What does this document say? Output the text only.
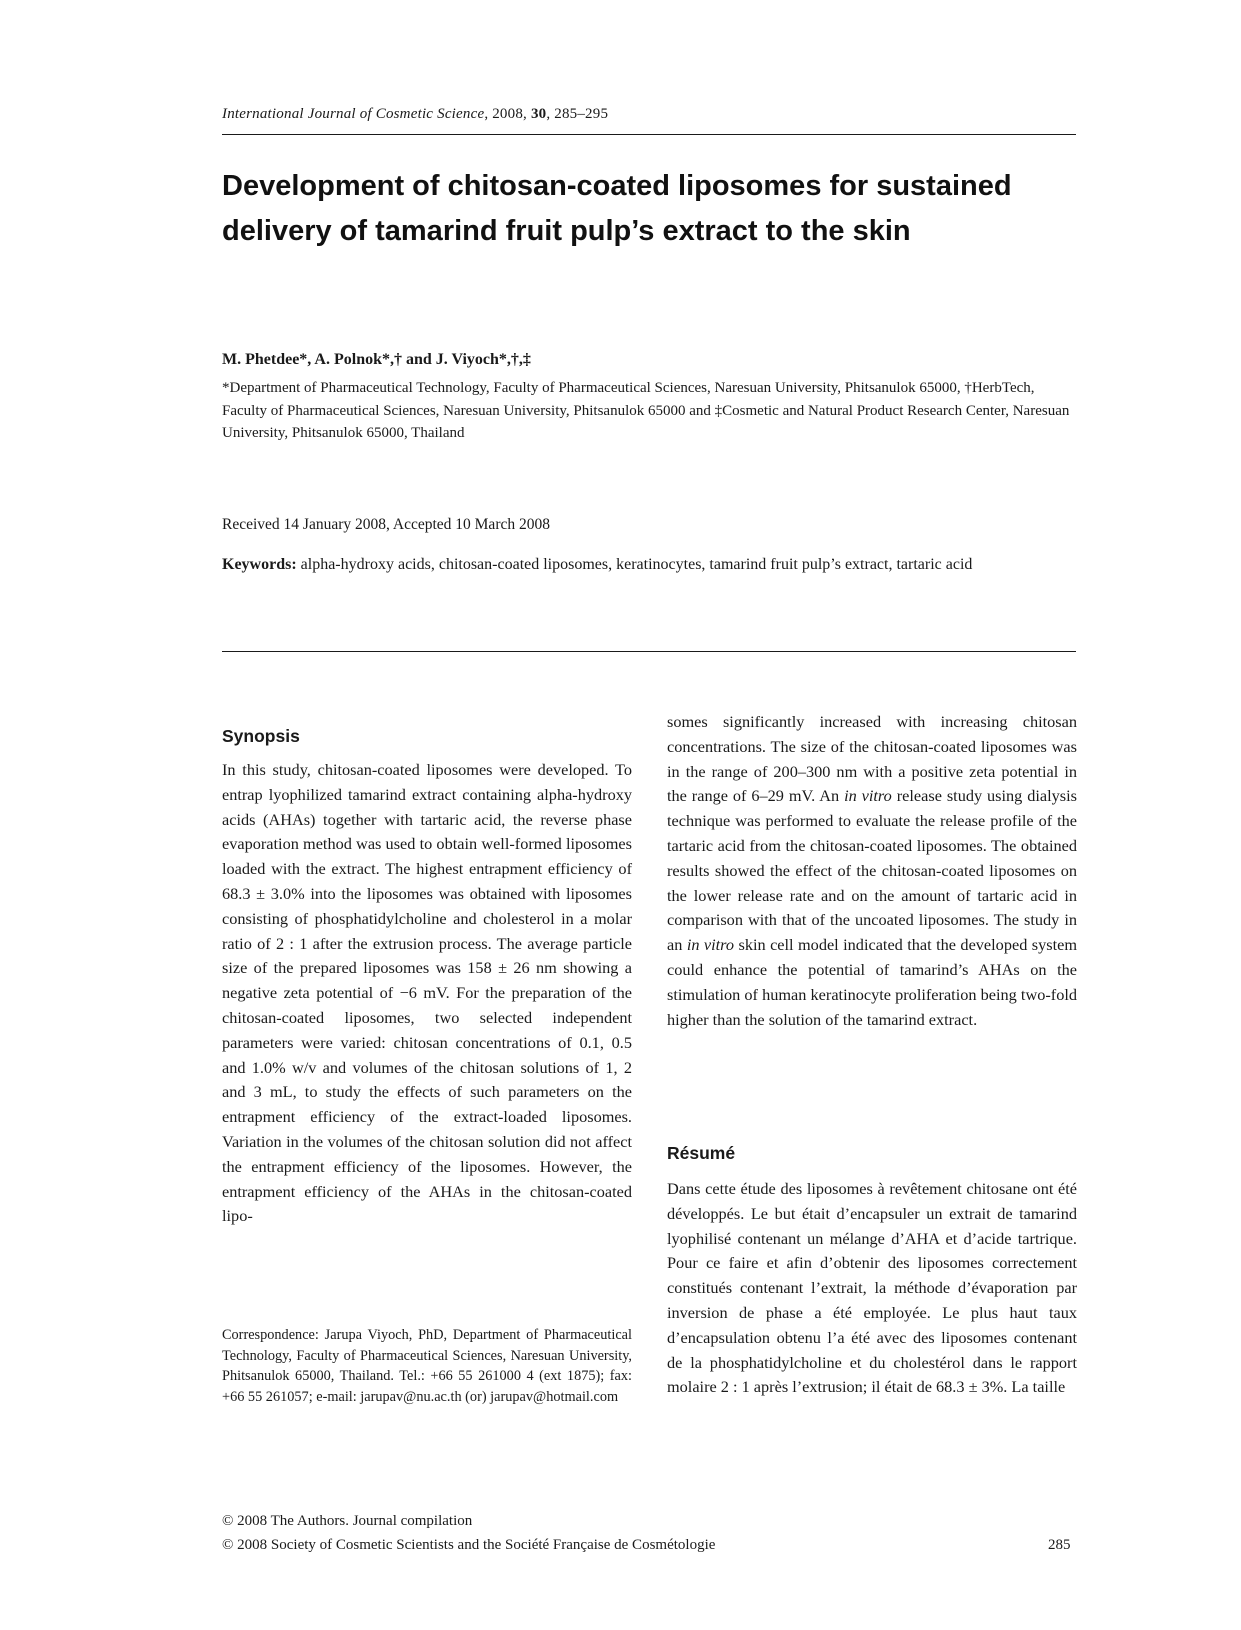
International Journal of Cosmetic Science, 2008, 30, 285–295
Development of chitosan-coated liposomes for sustained delivery of tamarind fruit pulp’s extract to the skin
M. Phetdee*, A. Polnok*,† and J. Viyoch*,†,‡
*Department of Pharmaceutical Technology, Faculty of Pharmaceutical Sciences, Naresuan University, Phitsanulok 65000, †HerbTech, Faculty of Pharmaceutical Sciences, Naresuan University, Phitsanulok 65000 and ‡Cosmetic and Natural Product Research Center, Naresuan University, Phitsanulok 65000, Thailand
Received 14 January 2008, Accepted 10 March 2008
Keywords: alpha-hydroxy acids, chitosan-coated liposomes, keratinocytes, tamarind fruit pulp’s extract, tartaric acid
Synopsis
In this study, chitosan-coated liposomes were developed. To entrap lyophilized tamarind extract containing alpha-hydroxy acids (AHAs) together with tartaric acid, the reverse phase evaporation method was used to obtain well-formed liposomes loaded with the extract. The highest entrapment efficiency of 68.3 ± 3.0% into the liposomes was obtained with liposomes consisting of phosphatidylcholine and cholesterol in a molar ratio of 2 : 1 after the extrusion process. The average particle size of the prepared liposomes was 158 ± 26 nm showing a negative zeta potential of −6 mV. For the preparation of the chitosan-coated liposomes, two selected independent parameters were varied: chitosan concentrations of 0.1, 0.5 and 1.0% w/v and volumes of the chitosan solutions of 1, 2 and 3 mL, to study the effects of such parameters on the entrapment efficiency of the extract-loaded liposomes. Variation in the volumes of the chitosan solution did not affect the entrapment efficiency of the liposomes. However, the entrapment efficiency of the AHAs in the chitosan-coated lipo-
somes significantly increased with increasing chitosan concentrations. The size of the chitosan-coated liposomes was in the range of 200–300 nm with a positive zeta potential in the range of 6–29 mV. An in vitro release study using dialysis technique was performed to evaluate the release profile of the tartaric acid from the chitosan-coated liposomes. The obtained results showed the effect of the chitosan-coated liposomes on the lower release rate and on the amount of tartaric acid in comparison with that of the uncoated liposomes. The study in an in vitro skin cell model indicated that the developed system could enhance the potential of tamarind’s AHAs on the stimulation of human keratinocyte proliferation being two-fold higher than the solution of the tamarind extract.
Résumé
Dans cette étude des liposomes à revêtement chitosane ont été développés. Le but était d’encapsuler un extrait de tamarind lyophilisé contenant un mélange d’AHA et d’acide tartrique. Pour ce faire et afin d’obtenir des liposomes correctement constitués contenant l’extrait, la méthode d’évaporation par inversion de phase a été employée. Le plus haut taux d’encapsulation obtenu l’a été avec des liposomes contenant de la phosphatidylcholine et du cholestérol dans le rapport molaire 2 : 1 après l’extrusion; il était de 68.3 ± 3%. La taille
Correspondence: Jarupa Viyoch, PhD, Department of Pharmaceutical Technology, Faculty of Pharmaceutical Sciences, Naresuan University, Phitsanulok 65000, Thailand. Tel.: +66 55 261000 4 (ext 1875); fax: +66 55 261057; e-mail: jarupav@nu.ac.th (or) jarupav@hotmail.com
© 2008 The Authors. Journal compilation
© 2008 Society of Cosmetic Scientists and the Société Française de Cosmétologie	285
